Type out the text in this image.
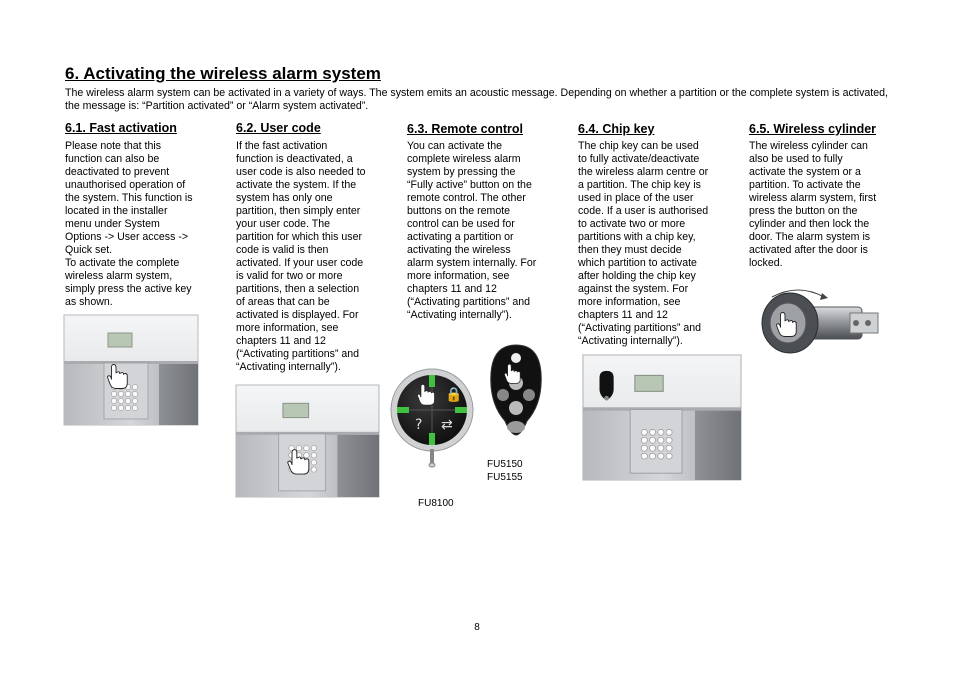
6. Activating the wireless alarm system

The wireless alarm system can be activated in a variety of ways. The system emits an acoustic message. Depending on whether a partition or the complete system is activated, the message is: “Partition activated” or “Alarm system activated”.

6.1. Fast activation

Please note that this
function can also be
deactivated to prevent
unauthorised operation of
the system. This function is
located in the installer
menu under System
Options -> User access ->
Quick set.
To activate the complete
wireless alarm system,
simply press the active key
as shown.

6.2. User code

If the fast activation
function is deactivated, a
user code is also needed to
activate the system. If the
system has only one
partition, then simply enter
your user code. The
partition for which this user
code is valid is then
activated. If your user code
is valid for two or more
partitions, then a selection
of areas that can be
activated is displayed. For
more information, see
chapters 11 and 12
(“Activating partitions” and
“Activating internally”).

6.3. Remote control

You can activate the
complete wireless alarm
system by pressing the
“Fully active” button on the
remote control. The other
buttons on the remote
control can be used for
activating a partition or
activating the wireless
alarm system internally. For
more information, see
chapters 11 and 12
(“Activating partitions” and
“Activating internally”).

6.4. Chip key

The chip key can be used
to fully activate/deactivate
the wireless alarm centre or
a partition. The chip key is
used in place of the user
code. If a user is authorised
to activate two or more
partitions with a chip key,
then they must decide
which partition to activate
after holding the chip key
against the system. For
more information, see
chapters 11 and 12
(“Activating partitions” and
“Activating internally”).

6.5. Wireless cylinder

The wireless cylinder can
also be used to fully
activate the system or a
partition. To activate the
wireless alarm system, first
press the button on the
cylinder and then lock the
door. The alarm system is
activated after the door is
locked.

🔒
? ⇄
FU5150
FU5155
FU8100
8
